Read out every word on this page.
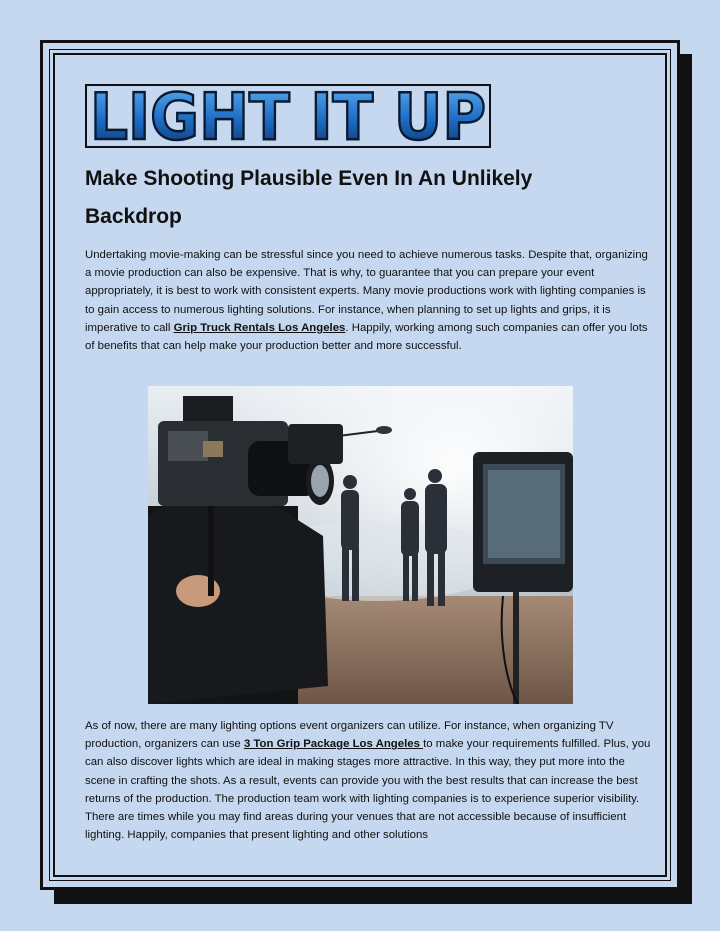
LIGHT IT UP
Make Shooting Plausible Even In An Unlikely Backdrop

Undertaking movie-making can be stressful since you need to achieve numerous tasks. Despite that, organizing a movie production can also be expensive. That is why, to guarantee that you can prepare your event appropriately, it is best to work with consistent experts. Many movie productions work with lighting companies is to gain access to numerous lighting solutions. For instance, when planning to set up lights and grips, it is imperative to call Grip Truck Rentals Los Angeles. Happily, working among such companies can offer you lots of benefits that can help make your production better and more successful.

As of now, there are many lighting options event organizers can utilize. For instance, when organizing TV production, organizers can use 3 Ton Grip Package Los Angeles to make your requirements fulfilled. Plus, you can also discover lights which are ideal in making stages more attractive. In this way, they put more into the scene in crafting the shots. As a result, events can provide you with the best results that can increase the best returns of the production. The production team work with lighting companies is to experience superior visibility. There are times while you may find areas during your venues that are not accessible because of insufficient lighting. Happily, companies that present lighting and other solutions
